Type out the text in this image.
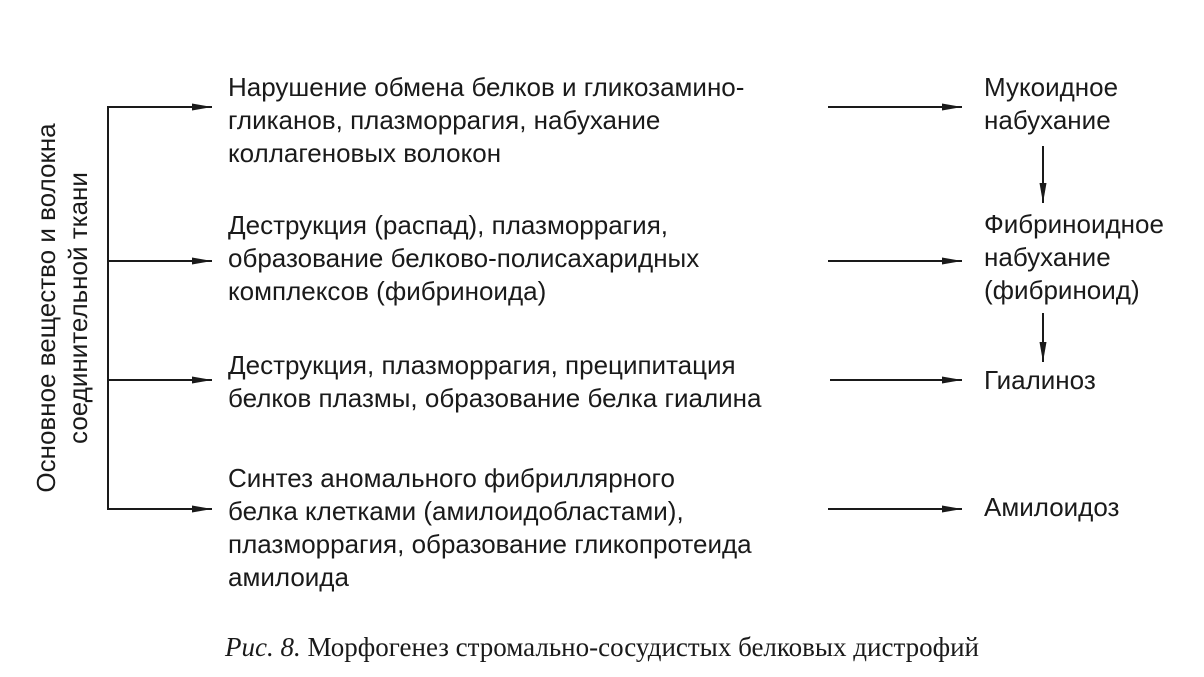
Основное вещество и волокна соединительной ткани
Нарушение обмена белков и гликозамино-
гликанов, плазморрагия, набухание
коллагеновых волокон
Деструкция (распад), плазморрагия,
образование белково-полисахаридных
комплексов (фибриноида)
Деструкция, плазморрагия, преципитация
белков плазмы, образование белка гиалина
Синтез аномального фибриллярного
белка клетками (амилоидобластами),
плазморрагия, образование гликопротеида
амилоида
Мукоидное
набухание
Фибриноидное
набухание
(фибриноид)
Гиалиноз
Амилоидоз
Рис. 8. Морфогенез стромально-сосудистых белковых дистрофий
